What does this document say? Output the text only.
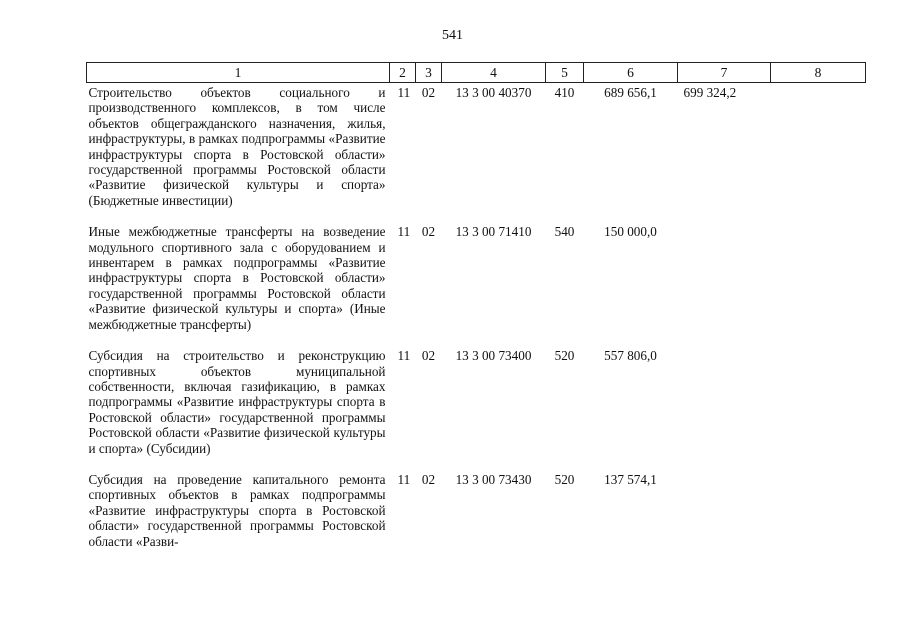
541
1	2	3	4	5	6	7	8
Строительство объектов социального и производственного комплексов, в том числе объектов общегражданского назначения, жилья, инфраструктуры, в рамках подпрограммы «Развитие инфраструктуры спорта в Ростовской области» государственной программы Ростовской области «Развитие физической культуры и спорта» (Бюджетные инвестиции)	11	02	13 3 00 40370	410	689 656,1	699 324,2	
Иные межбюджетные трансферты на возведение модульного спортивного зала с оборудованием и инвентарем в рамках подпрограммы «Развитие инфраструктуры спорта в Ростовской области» государственной программы Ростовской области «Развитие физической культуры и спорта» (Иные межбюджетные трансферты)	11	02	13 3 00 71410	540	150 000,0		
Субсидия на строительство и реконструкцию спортивных объектов муниципальной собственности, включая газификацию, в рамках подпрограммы «Развитие инфраструктуры спорта в Ростовской области» государственной программы Ростовской области «Развитие физической культуры и спорта» (Субсидии)	11	02	13 3 00 73400	520	557 806,0		
Субсидия на проведение капитального ремонта спортивных объектов в рамках подпрограммы «Развитие инфраструктуры спорта в Ростовской области» государственной программы Ростовской области «Разви-	11	02	13 3 00 73430	520	137 574,1		
